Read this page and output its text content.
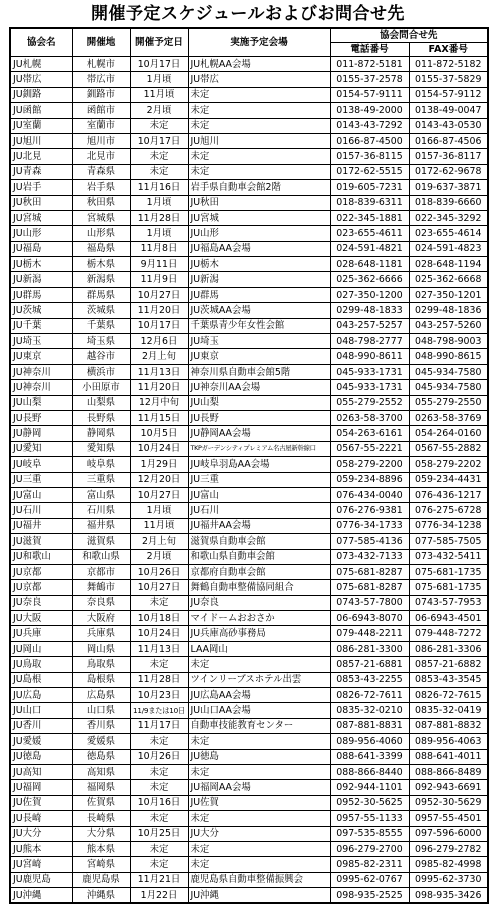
開催予定スケジュールおよびお問合せ先
協会名	開催地	開催予定日	実施予定会場	協会問合せ先	
				電話番号	FAX番号
JU札幌	札幌市	10月17日	JU札幌AA会場	011-872-5181	011-872-5182
JU帯広	帯広市	1月頃	JU帯広	0155-37-2578	0155-37-5829
JU釧路	釧路市	11月頃	未定	0154-57-9111	0154-57-9112
JU函館	函館市	2月頃	未定	0138-49-2000	0138-49-0047
JU室蘭	室蘭市	未定	未定	0143-43-7292	0143-43-0530
JU旭川	旭川市	10月17日	JU旭川	0166-87-4500	0166-87-4506
JU北見	北見市	未定	未定	0157-36-8115	0157-36-8117
JU青森	青森県	未定	未定	0172-62-5515	0172-62-9678
JU岩手	岩手県	11月16日	岩手県自動車会館2階	019-605-7231	019-637-3871
JU秋田	秋田県	1月頃	JU秋田	018-839-6311	018-839-6660
JU宮城	宮城県	11月28日	JU宮城	022-345-1881	022-345-3292
JU山形	山形県	1月頃	JU山形	023-655-4611	023-655-4614
JU福島	福島県	11月8日	JU福島AA会場	024-591-4821	024-591-4823
JU栃木	栃木県	9月11日	JU栃木	028-648-1181	028-648-1194
JU新潟	新潟県	11月9日	JU新潟	025-362-6666	025-362-6668
JU群馬	群馬県	10月27日	JU群馬	027-350-1200	027-350-1201
JU茨城	茨城県	11月20日	JU茨城AA会場	0299-48-1833	0299-48-1836
JU千葉	千葉県	10月17日	千葉県青少年女性会館	043-257-5257	043-257-5260
JU埼玉	埼玉県	12月6日	JU埼玉	048-798-2777	048-798-9003
JU東京	越谷市	2月上旬	JU東京	048-990-8611	048-990-8615
JU神奈川	横浜市	11月13日	神奈川県自動車会館5階	045-933-1731	045-934-7580
JU神奈川	小田原市	11月20日	JU神奈川AA会場	045-933-1731	045-934-7580
JU山梨	山梨県	12月中旬	JU山梨	055-279-2552	055-279-2550
JU長野	長野県	11月15日	JU長野	0263-58-3700	0263-58-3769
JU静岡	静岡県	10月5日	JU静岡AA会場	054-263-6161	054-264-0160
JU愛知	愛知県	10月24日	TKPガーデンシティプレミアム名古屋新幹線口	0567-55-2221	0567-55-2882
JU岐阜	岐阜県	1月29日	JU岐阜羽島AA会場	058-279-2200	058-279-2202
JU三重	三重県	12月20日	JU三重	059-234-8896	059-234-4431
JU富山	富山県	10月27日	JU富山	076-434-0040	076-436-1217
JU石川	石川県	1月頃	JU石川	076-276-9381	076-275-6728
JU福井	福井県	11月頃	JU福井AA会場	0776-34-1733	0776-34-1238
JU滋賀	滋賀県	2月上旬	滋賀県自動車会館	077-585-4136	077-585-7505
JU和歌山	和歌山県	2月頃	和歌山県自動車会館	073-432-7133	073-432-5411
JU京都	京都市	10月26日	京都府自動車会館	075-681-8287	075-681-1735
JU京都	舞鶴市	10月27日	舞鶴自動車整備協同組合	075-681-8287	075-681-1735
JU奈良	奈良県	未定	JU奈良	0743-57-7800	0743-57-7953
JU大阪	大阪府	10月18日	マイドームおおさか	06-6943-8070	06-6943-4501
JU兵庫	兵庫県	10月24日	JU兵庫高砂事務局	079-448-2211	079-448-7272
JU岡山	岡山県	11月13日	LAA岡山	086-281-3300	086-281-3306
JU鳥取	鳥取県	未定	未定	0857-21-6881	0857-21-6882
JU島根	島根県	11月28日	ツインリーブスホテル出雲	0853-43-2255	0853-43-3545
JU広島	広島県	10月23日	JU広島AA会場	0826-72-7611	0826-72-7615
JU山口	山口県	11/9または10日	JU山口AA会場	0835-32-0210	0835-32-0419
JU香川	香川県	11月17日	自動車技能教育センター	087-881-8831	087-881-8832
JU愛媛	愛媛県	未定	未定	089-956-4060	089-956-4063
JU徳島	徳島県	10月26日	JU徳島	088-641-3399	088-641-4011
JU高知	高知県	未定	未定	088-866-8440	088-866-8489
JU福岡	福岡県	未定	JU福岡AA会場	092-944-1101	092-943-6691
JU佐賀	佐賀県	10月16日	JU佐賀	0952-30-5625	0952-30-5629
JU長崎	長崎県	未定	未定	0957-55-1133	0957-55-4501
JU大分	大分県	10月25日	JU大分	097-535-8555	097-596-6000
JU熊本	熊本県	未定	未定	096-279-2700	096-279-2782
JU宮崎	宮崎県	未定	未定	0985-82-2311	0985-82-4998
JU鹿児島	鹿児島県	11月21日	鹿児島県自動車整備振興会	0995-62-0767	0995-62-3730
JU沖縄	沖縄県	1月22日	JU沖縄	098-935-2525	098-935-3426
